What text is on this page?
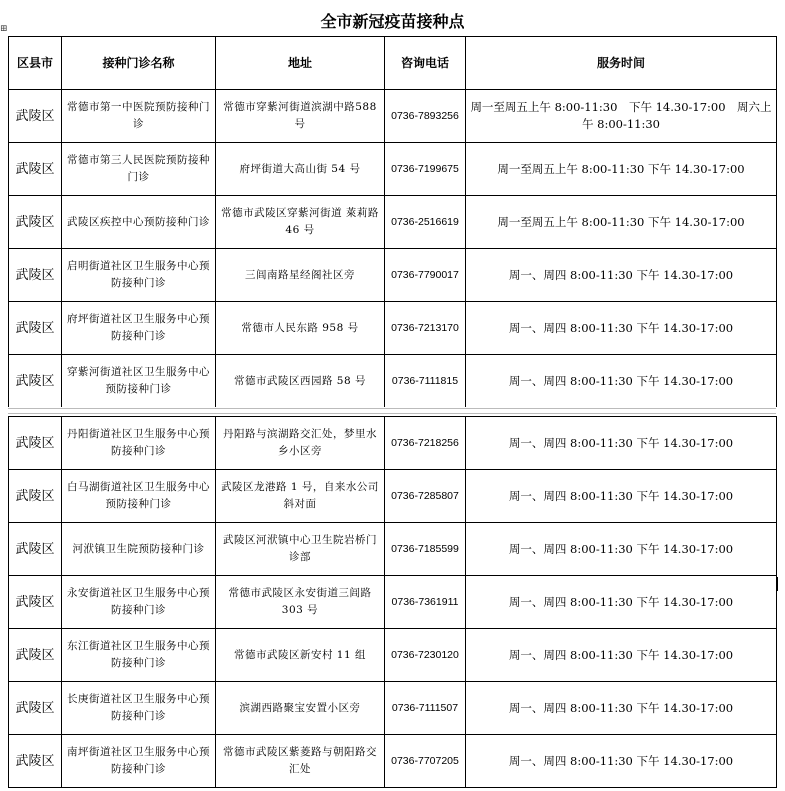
全市新冠疫苗接种点
⊞
区县市	接种门诊名称	地址	咨询电话	服务时间
武陵区	常德市第一中医院预防接种门诊	常德市穿紫河街道滨湖中路588号	0736-7893256	周一至周五上午 8:00-11:30　下午 14.30-17:00　周六上午 8:00-11:30
武陵区	常德市第三人民医院预防接种门诊	府坪街道大高山街 54 号	0736-7199675	周一至周五上午 8:00-11:30 下午 14.30-17:00
武陵区	武陵区疾控中心预防接种门诊	常德市武陵区穿紫河街道 萊莉路 46 号	0736-2516619	周一至周五上午 8:00-11:30 下午 14.30-17:00
武陵区	启明街道社区卫生服务中心预防接种门诊	三闾南路星经阁社区旁	0736-7790017	周一、周四 8:00-11:30 下午 14.30-17:00
武陵区	府坪街道社区卫生服务中心预防接种门诊	常德市人民东路 958 号	0736-7213170	周一、周四 8:00-11:30 下午 14.30-17:00
武陵区	穿紫河街道社区卫生服务中心预防接种门诊	常德市武陵区西园路 58 号	0736-7111815	周一、周四 8:00-11:30 下午 14.30-17:00
武陵区	丹阳街道社区卫生服务中心预防接种门诊	丹阳路与滨湖路交汇处，梦里水乡小区旁	0736-7218256	周一、周四 8:00-11:30 下午 14.30-17:00
武陵区	白马湖街道社区卫生服务中心预防接种门诊	武陵区龙港路 1 号，自来水公司斜对面	0736-7285807	周一、周四 8:00-11:30 下午 14.30-17:00
武陵区	河洑镇卫生院预防接种门诊	武陵区河洑镇中心卫生院岩桥门诊部	0736-7185599	周一、周四 8:00-11:30 下午 14.30-17:00
武陵区	永安街道社区卫生服务中心预防接种门诊	常德市武陵区永安街道三闾路 303 号	0736-7361911	周一、周四 8:00-11:30 下午 14.30-17:00
武陵区	东江街道社区卫生服务中心预防接种门诊	常德市武陵区新安村 11 组	0736-7230120	周一、周四 8:00-11:30 下午 14.30-17:00
武陵区	长庚街道社区卫生服务中心预防接种门诊	滨湖西路聚宝安置小区旁	0736-7111507	周一、周四 8:00-11:30 下午 14.30-17:00
武陵区	南坪街道社区卫生服务中心预防接种门诊	常德市武陵区紫菱路与朝阳路交汇处	0736-7707205	周一、周四 8:00-11:30 下午 14.30-17:00
